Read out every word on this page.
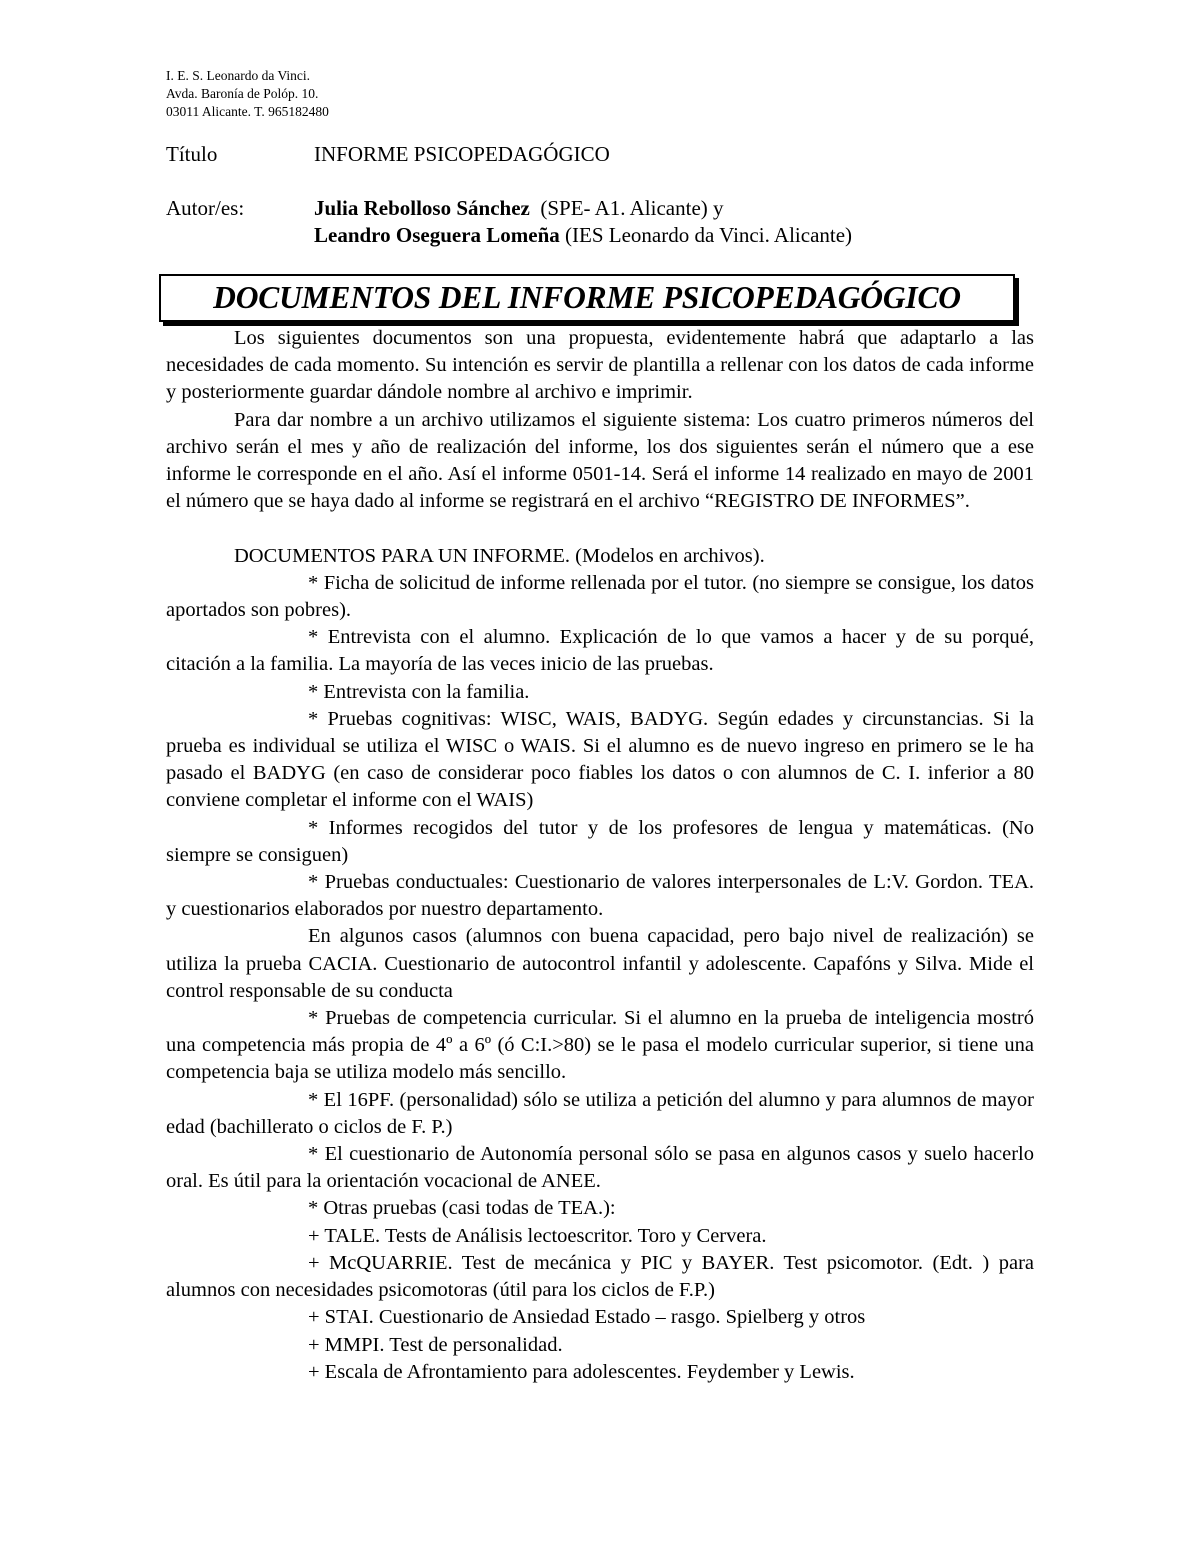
I. E. S. Leonardo da Vinci.
Avda. Baronía de Polóp. 10.
03011 Alicante. T. 965182480
Título	INFORME PSICOPEDAGÓGICO
Autor/es:	Julia Rebolloso Sánchez (SPE- A1. Alicante) y
Leandro Oseguera Lomeña (IES Leonardo da Vinci. Alicante)
DOCUMENTOS DEL INFORME PSICOPEDAGÓGICO

Los siguientes documentos son una propuesta, evidentemente habrá que adaptarlo a las necesidades de cada momento. Su intención es servir de plantilla a rellenar con los datos de cada informe y posteriormente guardar dándole nombre al archivo e imprimir.

Para dar nombre a un archivo utilizamos el siguiente sistema: Los cuatro primeros números del archivo serán el mes y año de realización del informe, los dos siguientes serán el número que a ese informe le corresponde en el año. Así el informe 0501-14. Será el informe 14 realizado en mayo de 2001 el número que se haya dado al informe se registrará en el archivo “REGISTRO DE INFORMES”.

DOCUMENTOS PARA UN INFORME. (Modelos en archivos).

* Ficha de solicitud de informe rellenada por el tutor. (no siempre se consigue, los datos aportados son pobres).

* Entrevista con el alumno. Explicación de lo que vamos a hacer y de su porqué, citación a la familia. La mayoría de las veces inicio de las pruebas.

* Entrevista con la familia.

* Pruebas cognitivas: WISC, WAIS, BADYG. Según edades y circunstancias. Si la prueba es individual se utiliza el WISC o WAIS. Si el alumno es de nuevo ingreso en primero se le ha pasado el BADYG (en caso de considerar poco fiables los datos o con alumnos de C. I. inferior a 80 conviene completar el informe con el WAIS)

* Informes recogidos del tutor y de los profesores de lengua y matemáticas. (No siempre se consiguen)

* Pruebas conductuales: Cuestionario de valores interpersonales de L:V. Gordon. TEA. y cuestionarios elaborados por nuestro departamento.

En algunos casos (alumnos con buena capacidad, pero bajo nivel de realización) se utiliza la prueba CACIA. Cuestionario de autocontrol infantil y adolescente. Capafóns y Silva. Mide el control responsable de su conducta

* Pruebas de competencia curricular. Si el alumno en la prueba de inteligencia mostró una competencia más propia de 4º a 6º (ó C:I.>80) se le pasa el modelo curricular superior, si tiene una competencia baja se utiliza modelo más sencillo.

* El 16PF. (personalidad) sólo se utiliza a petición del alumno y para alumnos de mayor edad (bachillerato o ciclos de F. P.)

* El cuestionario de Autonomía personal sólo se pasa en algunos casos y suelo hacerlo oral. Es útil para la orientación vocacional de ANEE.

* Otras pruebas (casi todas de TEA.):

+ TALE. Tests de Análisis lectoescritor. Toro y Cervera.

+ McQUARRIE. Test de mecánica y PIC y BAYER. Test psicomotor. (Edt. ) para alumnos con necesidades psicomotoras (útil para los ciclos de F.P.)

+ STAI. Cuestionario de Ansiedad Estado – rasgo. Spielberg y otros

+ MMPI. Test de personalidad.

+ Escala de Afrontamiento para adolescentes. Feydember y Lewis.
